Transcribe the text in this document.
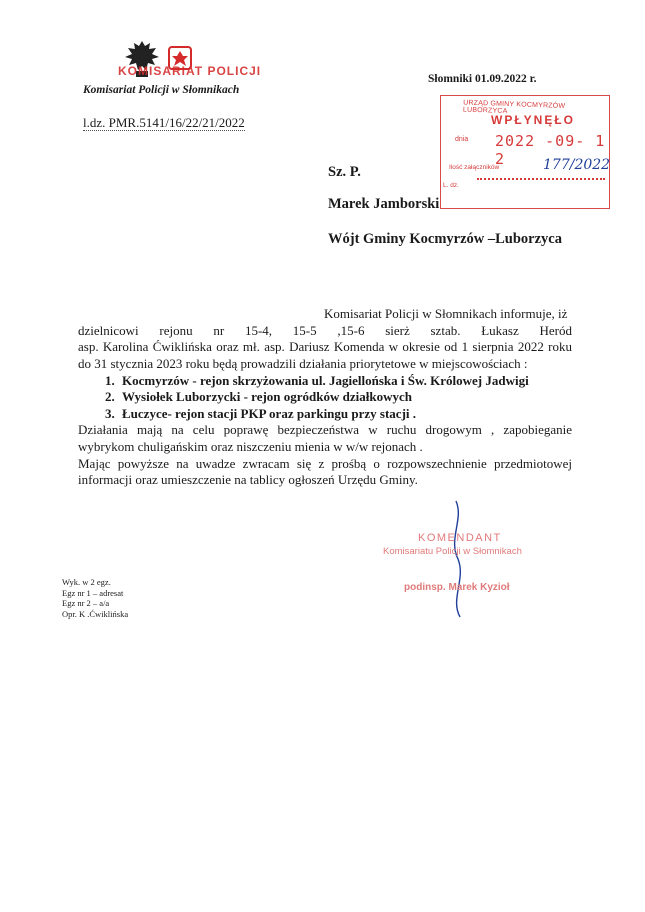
KOMISARIAT POLICJI
Komisariat Policji w Słomnikach
l.dz. PMR.5141/16/22/21/2022
Słomniki 01.09.2022 r.
URZĄD GMINY KOCMYRZÓW LUBORZYCA
WPŁYNĘŁO
dnia 2022 -09- 1 2
Ilość załączników	177/2022
L. dz.
Sz. P.
Marek Jamborski
Wójt Gminy Kocmyrzów –Luborzyca

Komisariat Policji w Słomnikach informuje, iż
dzielnicowi rejonu nr 15-4, 15-5 ,15-6 sierż sztab. Łukasz Heród
asp. Karolina Ćwiklińska oraz mł. asp. Dariusz Komenda w okresie od 1 sierpnia 2022 roku do 31 stycznia 2023 roku będą prowadzili działania priorytetowe w miejscowościach :

1. Kocmyrzów - rejon skrzyżowania ul. Jagiellońska i Św. Królowej Jadwigi
2. Wysiołek Luborzycki - rejon ogródków działkowych
3. Łuczyce- rejon stacji PKP oraz parkingu przy stacji .

Działania mają na celu poprawę bezpieczeństwa w ruchu drogowym , zapobieganie wybrykom chuligańskim oraz niszczeniu mienia w w/w rejonach .

Mając powyższe na uwadze zwracam się z prośbą o rozpowszechnienie przedmiotowej informacji oraz umieszczenie na tablicy ogłoszeń Urzędu Gminy.

KOMENDANT
Komisariatu Policji w Słomnikach
podinsp. Marek Kyzioł
Wyk. w 2 egz.
Egz nr 1 – adresat
Egz nr 2 – a/a
Opr. K .Ćwiklińska
